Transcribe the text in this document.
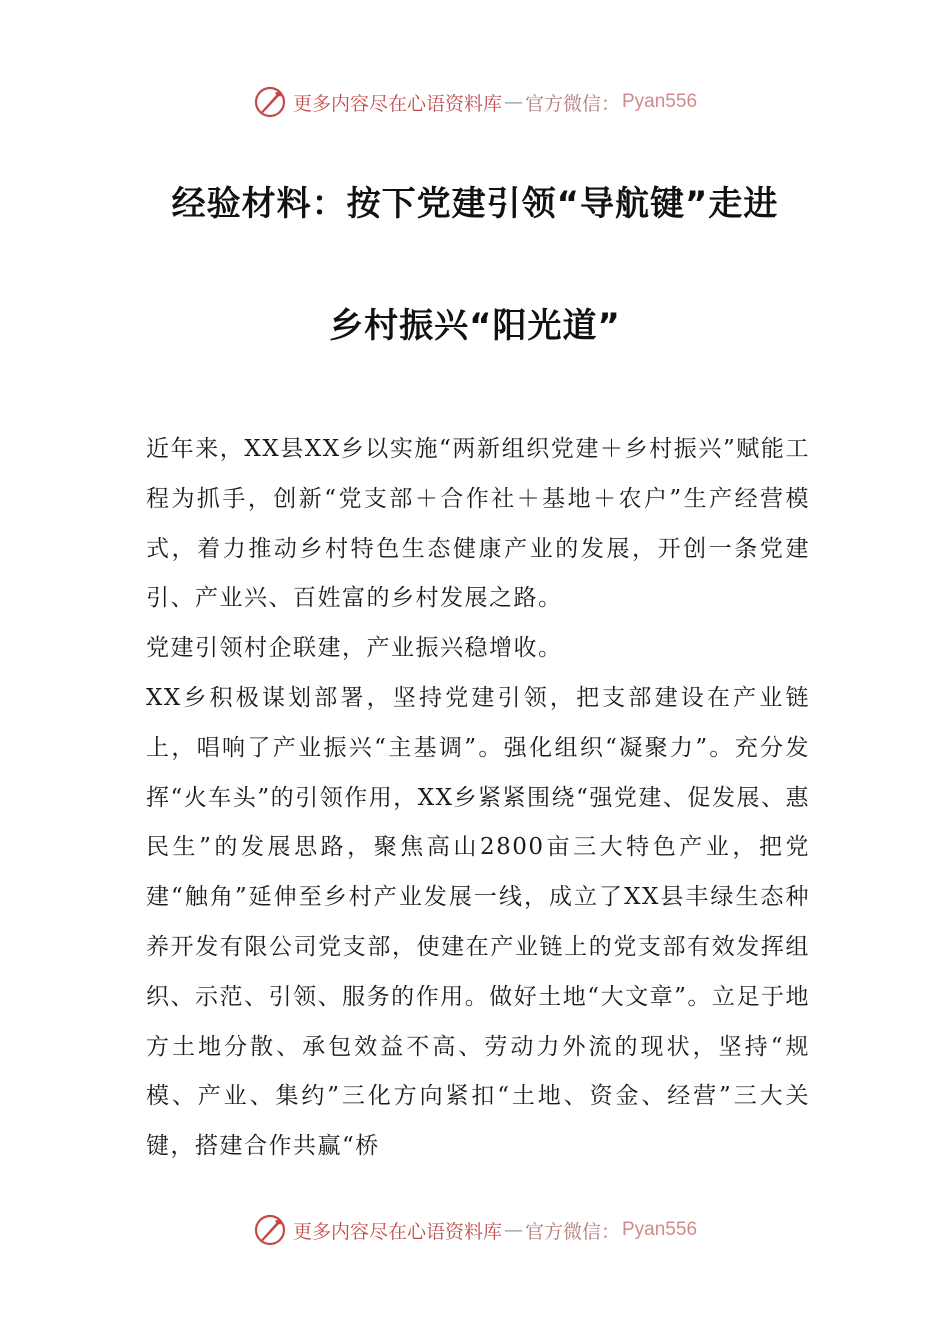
更多内容尽在心语资料库 — 官方微信： Pyan556
经验材料：按下党建引领“导航键”走进
乡村振兴“阳光道”

近年来，XX县XX乡以实施“两新组织党建＋乡村振兴”赋能工程为抓手，创新“党支部＋合作社＋基地＋农户”生产经营模式，着力推动乡村特色生态健康产业的发展，开创一条党建引、产业兴、百姓富的乡村发展之路。

党建引领村企联建，产业振兴稳增收。

XX乡积极谋划部署，坚持党建引领，把支部建设在产业链上，唱响了产业振兴“主基调”。强化组织“凝聚力”。充分发挥“火车头”的引领作用，XX乡紧紧围绕“强党建、促发展、惠民生”的发展思路，聚焦高山2800亩三大特色产业，把党建“触角”延伸至乡村产业发展一线，成立了XX县丰绿生态种养开发有限公司党支部，使建在产业链上的党支部有效发挥组织、示范、引领、服务的作用。做好土地“大文章”。立足于地方土地分散、承包效益不高、劳动力外流的现状，坚持“规模、产业、集约”三化方向紧扣“土地、资金、经营”三大关键，搭建合作共赢“桥

更多内容尽在心语资料库 — 官方微信： Pyan556
